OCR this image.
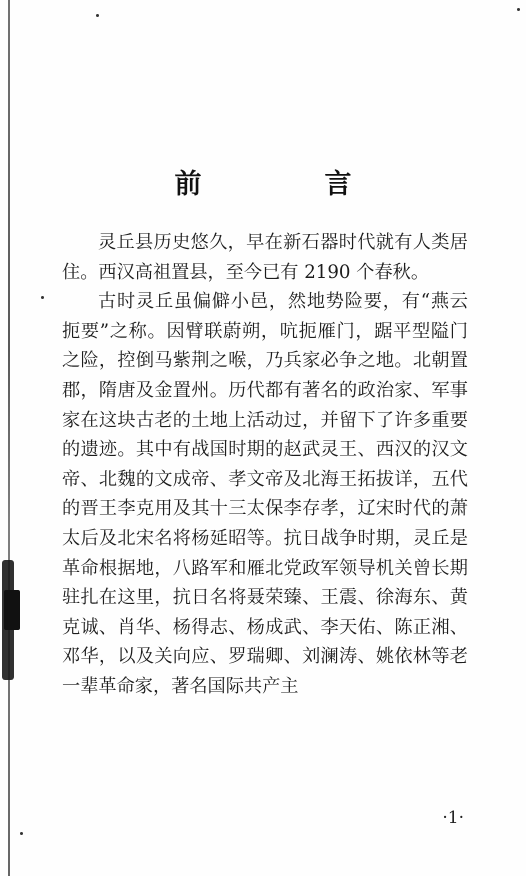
前　言

灵丘县历史悠久，早在新石器时代就有人类居住。西汉高祖置县，至今已有 2190 个春秋。

古时灵丘虽偏僻小邑，然地势险要，有“燕云扼要”之称。因臂联蔚朔，吭扼雁门，踞平型隘门之险，控倒马紫荆之喉，乃兵家必争之地。北朝置郡，隋唐及金置州。历代都有著名的政治家、军事家在这块古老的土地上活动过，并留下了许多重要的遗迹。其中有战国时期的赵武灵王、西汉的汉文帝、北魏的文成帝、孝文帝及北海王拓拔详，五代的晋王李克用及其十三太保李存孝，辽宋时代的萧太后及北宋名将杨延昭等。抗日战争时期，灵丘是革命根据地，八路军和雁北党政军领导机关曾长期驻扎在这里，抗日名将聂荣臻、王震、徐海东、黄克诚、肖华、杨得志、杨成武、李天佑、陈正湘、邓华，以及关向应、罗瑞卿、刘澜涛、姚依林等老一辈革命家，著名国际共产主

·1·
